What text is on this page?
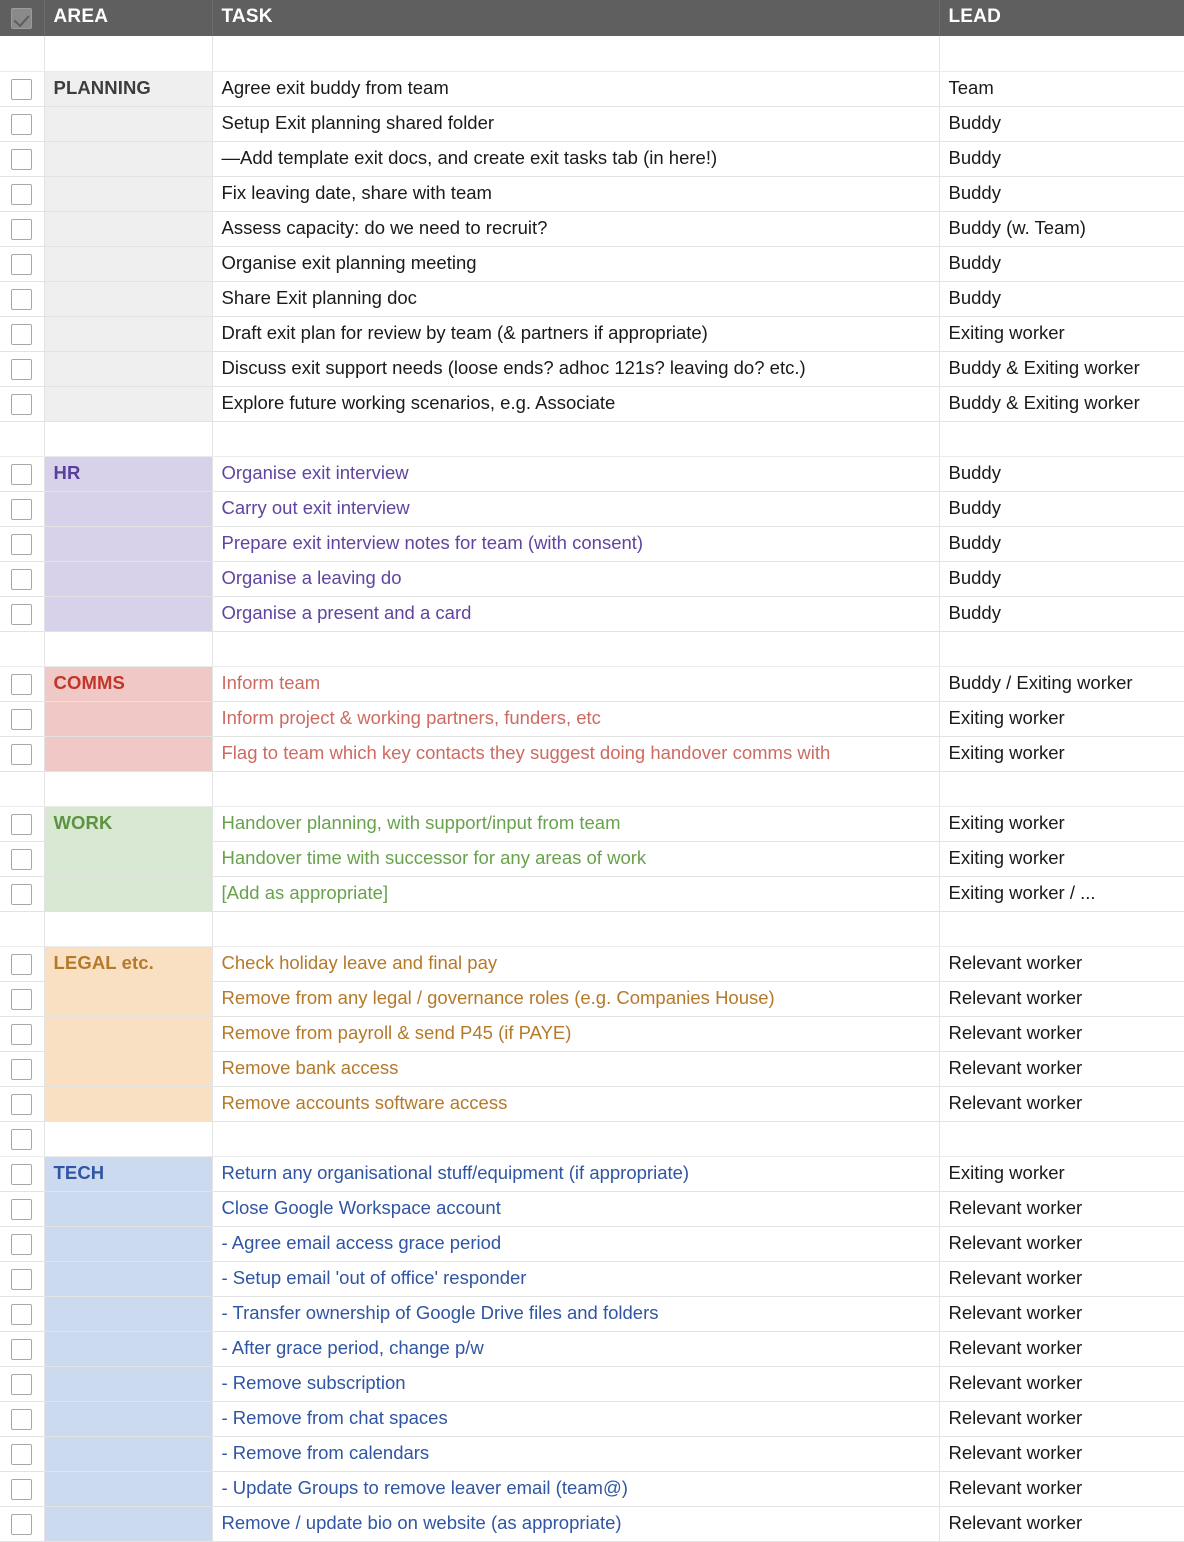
	AREA	TASK	LEAD

	PLANNING	Agree exit buddy from team	Team
		Setup Exit planning shared folder	Buddy
		—Add template exit docs, and create exit tasks tab (in here!)	Buddy
		Fix leaving date, share with team	Buddy
		Assess capacity: do we need to recruit?	Buddy (w. Team)
		Organise exit planning meeting	Buddy
		Share Exit planning doc	Buddy
		Draft exit plan for review by team (& partners if appropriate)	Exiting worker
		Discuss exit support needs (loose ends? adhoc 121s? leaving do? etc.)	Buddy & Exiting worker
		Explore future working scenarios, e.g. Associate	Buddy & Exiting worker

	HR	Organise exit interview	Buddy
		Carry out exit interview	Buddy
		Prepare exit interview notes for team (with consent)	Buddy
		Organise a leaving do	Buddy
		Organise a present and a card	Buddy

	COMMS	Inform team	Buddy / Exiting worker
		Inform project & working partners, funders, etc	Exiting worker
		Flag to team which key contacts they suggest doing handover comms with	Exiting worker

	WORK	Handover planning, with support/input from team	Exiting worker
		Handover time with successor for any areas of work	Exiting worker
		[Add as appropriate]	Exiting worker / ...

	LEGAL etc.	Check holiday leave and final pay	Relevant worker
		Remove from any legal / governance roles (e.g. Companies House)	Relevant worker
		Remove from payroll & send P45 (if PAYE)	Relevant worker
		Remove bank access	Relevant worker
		Remove accounts software access	Relevant worker

	TECH	Return any organisational stuff/equipment (if appropriate)	Exiting worker
		Close Google Workspace account	Relevant worker
		- Agree email access grace period	Relevant worker
		- Setup email 'out of office' responder	Relevant worker
		- Transfer ownership of Google Drive files and folders	Relevant worker
		- After grace period, change p/w	Relevant worker
		- Remove subscription	Relevant worker
		- Remove from chat spaces	Relevant worker
		- Remove from calendars	Relevant worker
		- Update Groups to remove leaver email (team@)	Relevant worker
		Remove / update bio on website (as appropriate)	Relevant worker
